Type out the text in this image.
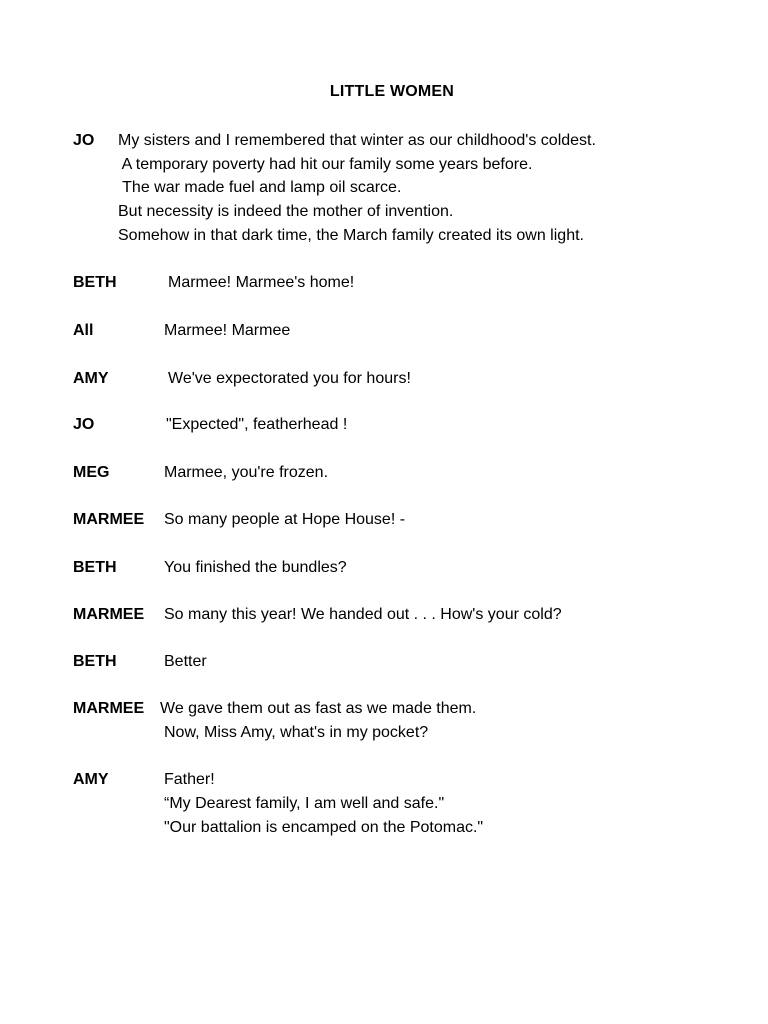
LITTLE WOMEN
JO My sisters and I remembered that winter as our childhood's coldest.
A temporary poverty had hit our family some years before.
The war made fuel and lamp oil scarce.
But necessity is indeed the mother of invention.
Somehow in that dark time, the March family created its own light.
BETH	Marmee! Marmee's home!
All	Marmee! Marmee
AMY	We've expectorated you for hours!
JO	"Expected", featherhead !
MEG	Marmee, you're frozen.
MARMEE So many people at Hope House! -
BETH	You finished the bundles?
MARMEE So many this year! We handed out . . . How's your cold?
BETH	Better
MARMEE We gave them out as fast as we made them.
Now, Miss Amy, what's in my pocket?
AMY	Father!
“My Dearest family, I am well and safe."
"Our battalion is encamped on the Potomac."
